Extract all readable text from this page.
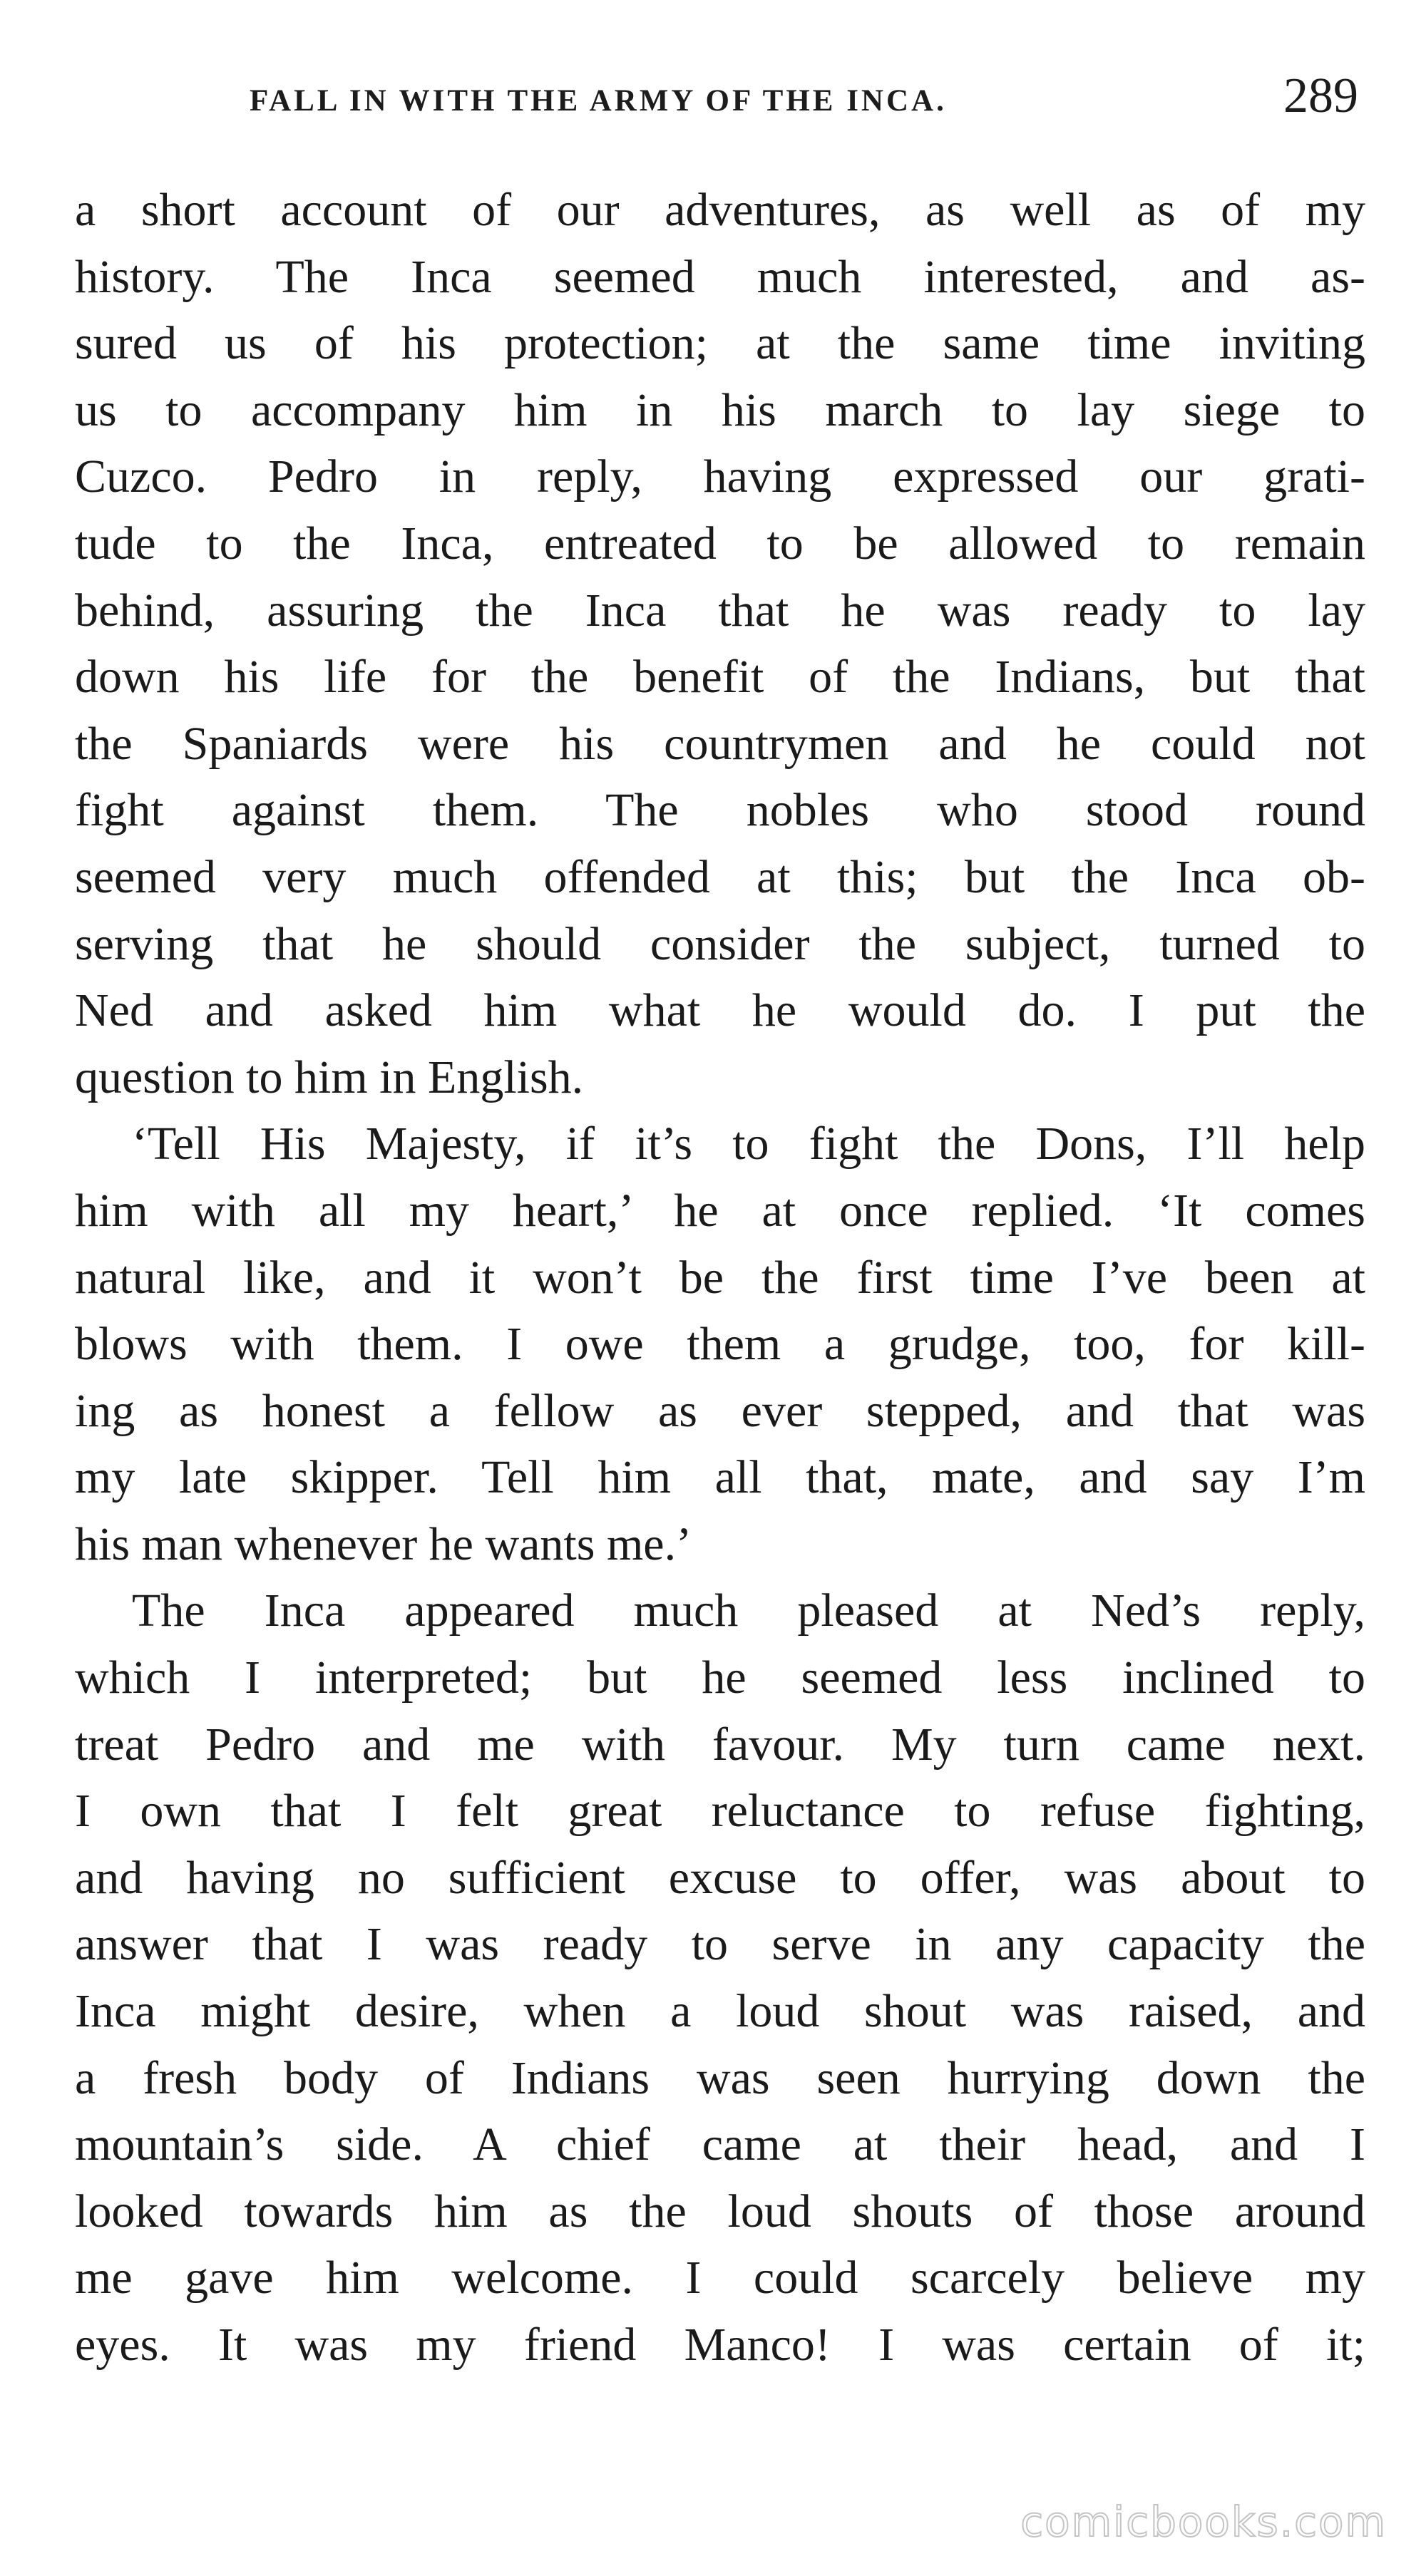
FALL IN WITH THE ARMY OF THE INCA.	289
a short account of our adventures, as well as of my
history. The Inca seemed much interested, and as-
sured us of his protection; at the same time inviting
us to accompany him in his march to lay siege to
Cuzco. Pedro in reply, having expressed our grati-
tude to the Inca, entreated to be allowed to remain
behind, assuring the Inca that he was ready to lay
down his life for the benefit of the Indians, but that
the Spaniards were his countrymen and he could not
fight against them. The nobles who stood round
seemed very much offended at this; but the Inca ob-
serving that he should consider the subject, turned to
Ned and asked him what he would do. I put the
question to him in English.
‘Tell His Majesty, if it’s to fight the Dons, I’ll help
him with all my heart,’ he at once replied. ‘It comes
natural like, and it won’t be the first time I’ve been at
blows with them. I owe them a grudge, too, for kill-
ing as honest a fellow as ever stepped, and that was
my late skipper. Tell him all that, mate, and say I’m
his man whenever he wants me.’
The Inca appeared much pleased at Ned’s reply,
which I interpreted; but he seemed less inclined to
treat Pedro and me with favour. My turn came next.
I own that I felt great reluctance to refuse fighting,
and having no sufficient excuse to offer, was about to
answer that I was ready to serve in any capacity the
Inca might desire, when a loud shout was raised, and
a fresh body of Indians was seen hurrying down the
mountain’s side. A chief came at their head, and I
looked towards him as the loud shouts of those around
me gave him welcome. I could scarcely believe my
eyes. It was my friend Manco! I was certain of it;
comicbooks.com
